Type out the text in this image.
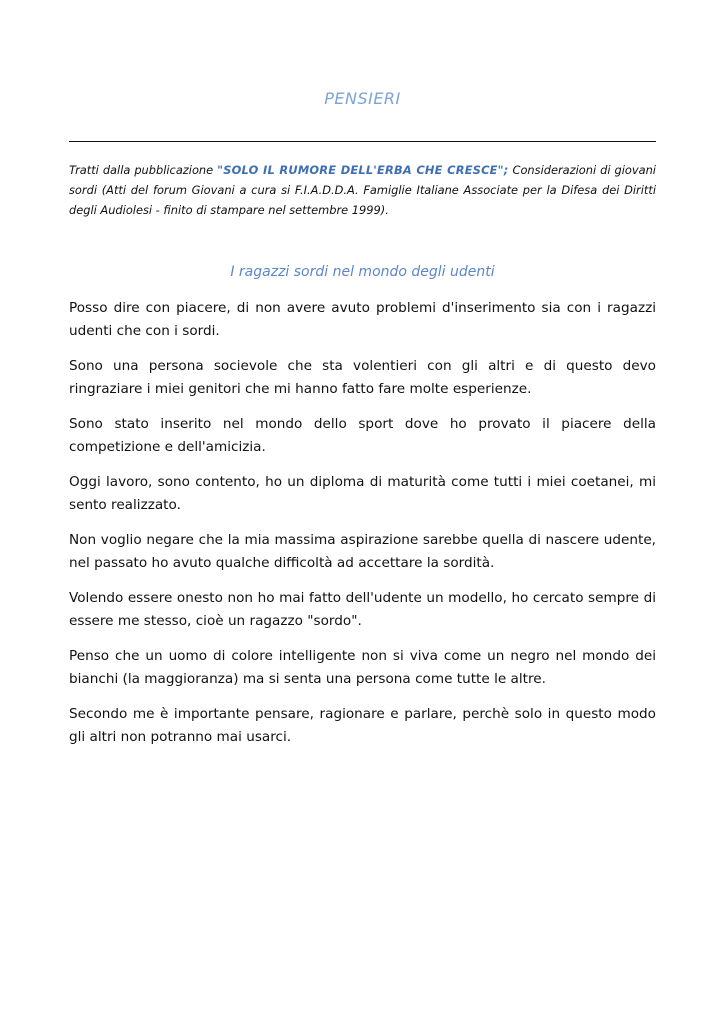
PENSIERI
Tratti dalla pubblicazione "SOLO IL RUMORE DELL'ERBA CHE CRESCE"; Considerazioni di giovani sordi (Atti del forum Giovani a cura si F.I.A.D.D.A. Famiglie Italiane Associate per la Difesa dei Diritti degli Audiolesi - finito di stampare nel settembre 1999).
I ragazzi sordi nel mondo degli udenti

Posso dire con piacere, di non avere avuto problemi d'inserimento sia con i ragazzi udenti che con i sordi.

Sono una persona socievole che sta volentieri con gli altri e di questo devo ringraziare i miei genitori che mi hanno fatto fare molte esperienze.

Sono stato inserito nel mondo dello sport dove ho provato il piacere della competizione e dell'amicizia.

Oggi lavoro, sono contento, ho un diploma di maturità come tutti i miei coetanei, mi sento realizzato.

Non voglio negare che la mia massima aspirazione sarebbe quella di nascere udente, nel passato ho avuto qualche difficoltà ad accettare la sordità.

Volendo essere onesto non ho mai fatto dell'udente un modello, ho cercato sempre di essere me stesso, cioè un ragazzo "sordo".

Penso che un uomo di colore intelligente non si viva come un negro nel mondo dei bianchi (la maggioranza) ma si senta una persona come tutte le altre.

Secondo me è importante pensare, ragionare e parlare, perchè solo in questo modo gli altri non potranno mai usarci.
